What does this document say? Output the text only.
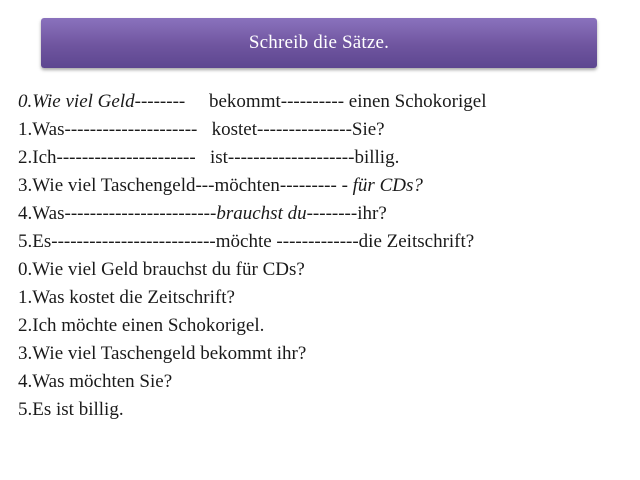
Schreib die Sätze.
0.Wie viel Geld--------     bekommt---------- einen Schokorigel
1.Was---------------------   kostet---------------Sie?
2.Ich----------------------   ist--------------------billig.
3.Wie viel Taschengeld---möchten--------- - für CDs?
4.Was------------------------brauchst du--------ihr?
5.Es--------------------------möchte -------------die Zeitschrift?
0.Wie viel Geld brauchst du für CDs?
1.Was kostet die Zeitschrift?
2.Ich möchte einen Schokorigel.
3.Wie viel Taschengeld bekommt ihr?
4.Was möchten Sie?
5.Es ist billig.
